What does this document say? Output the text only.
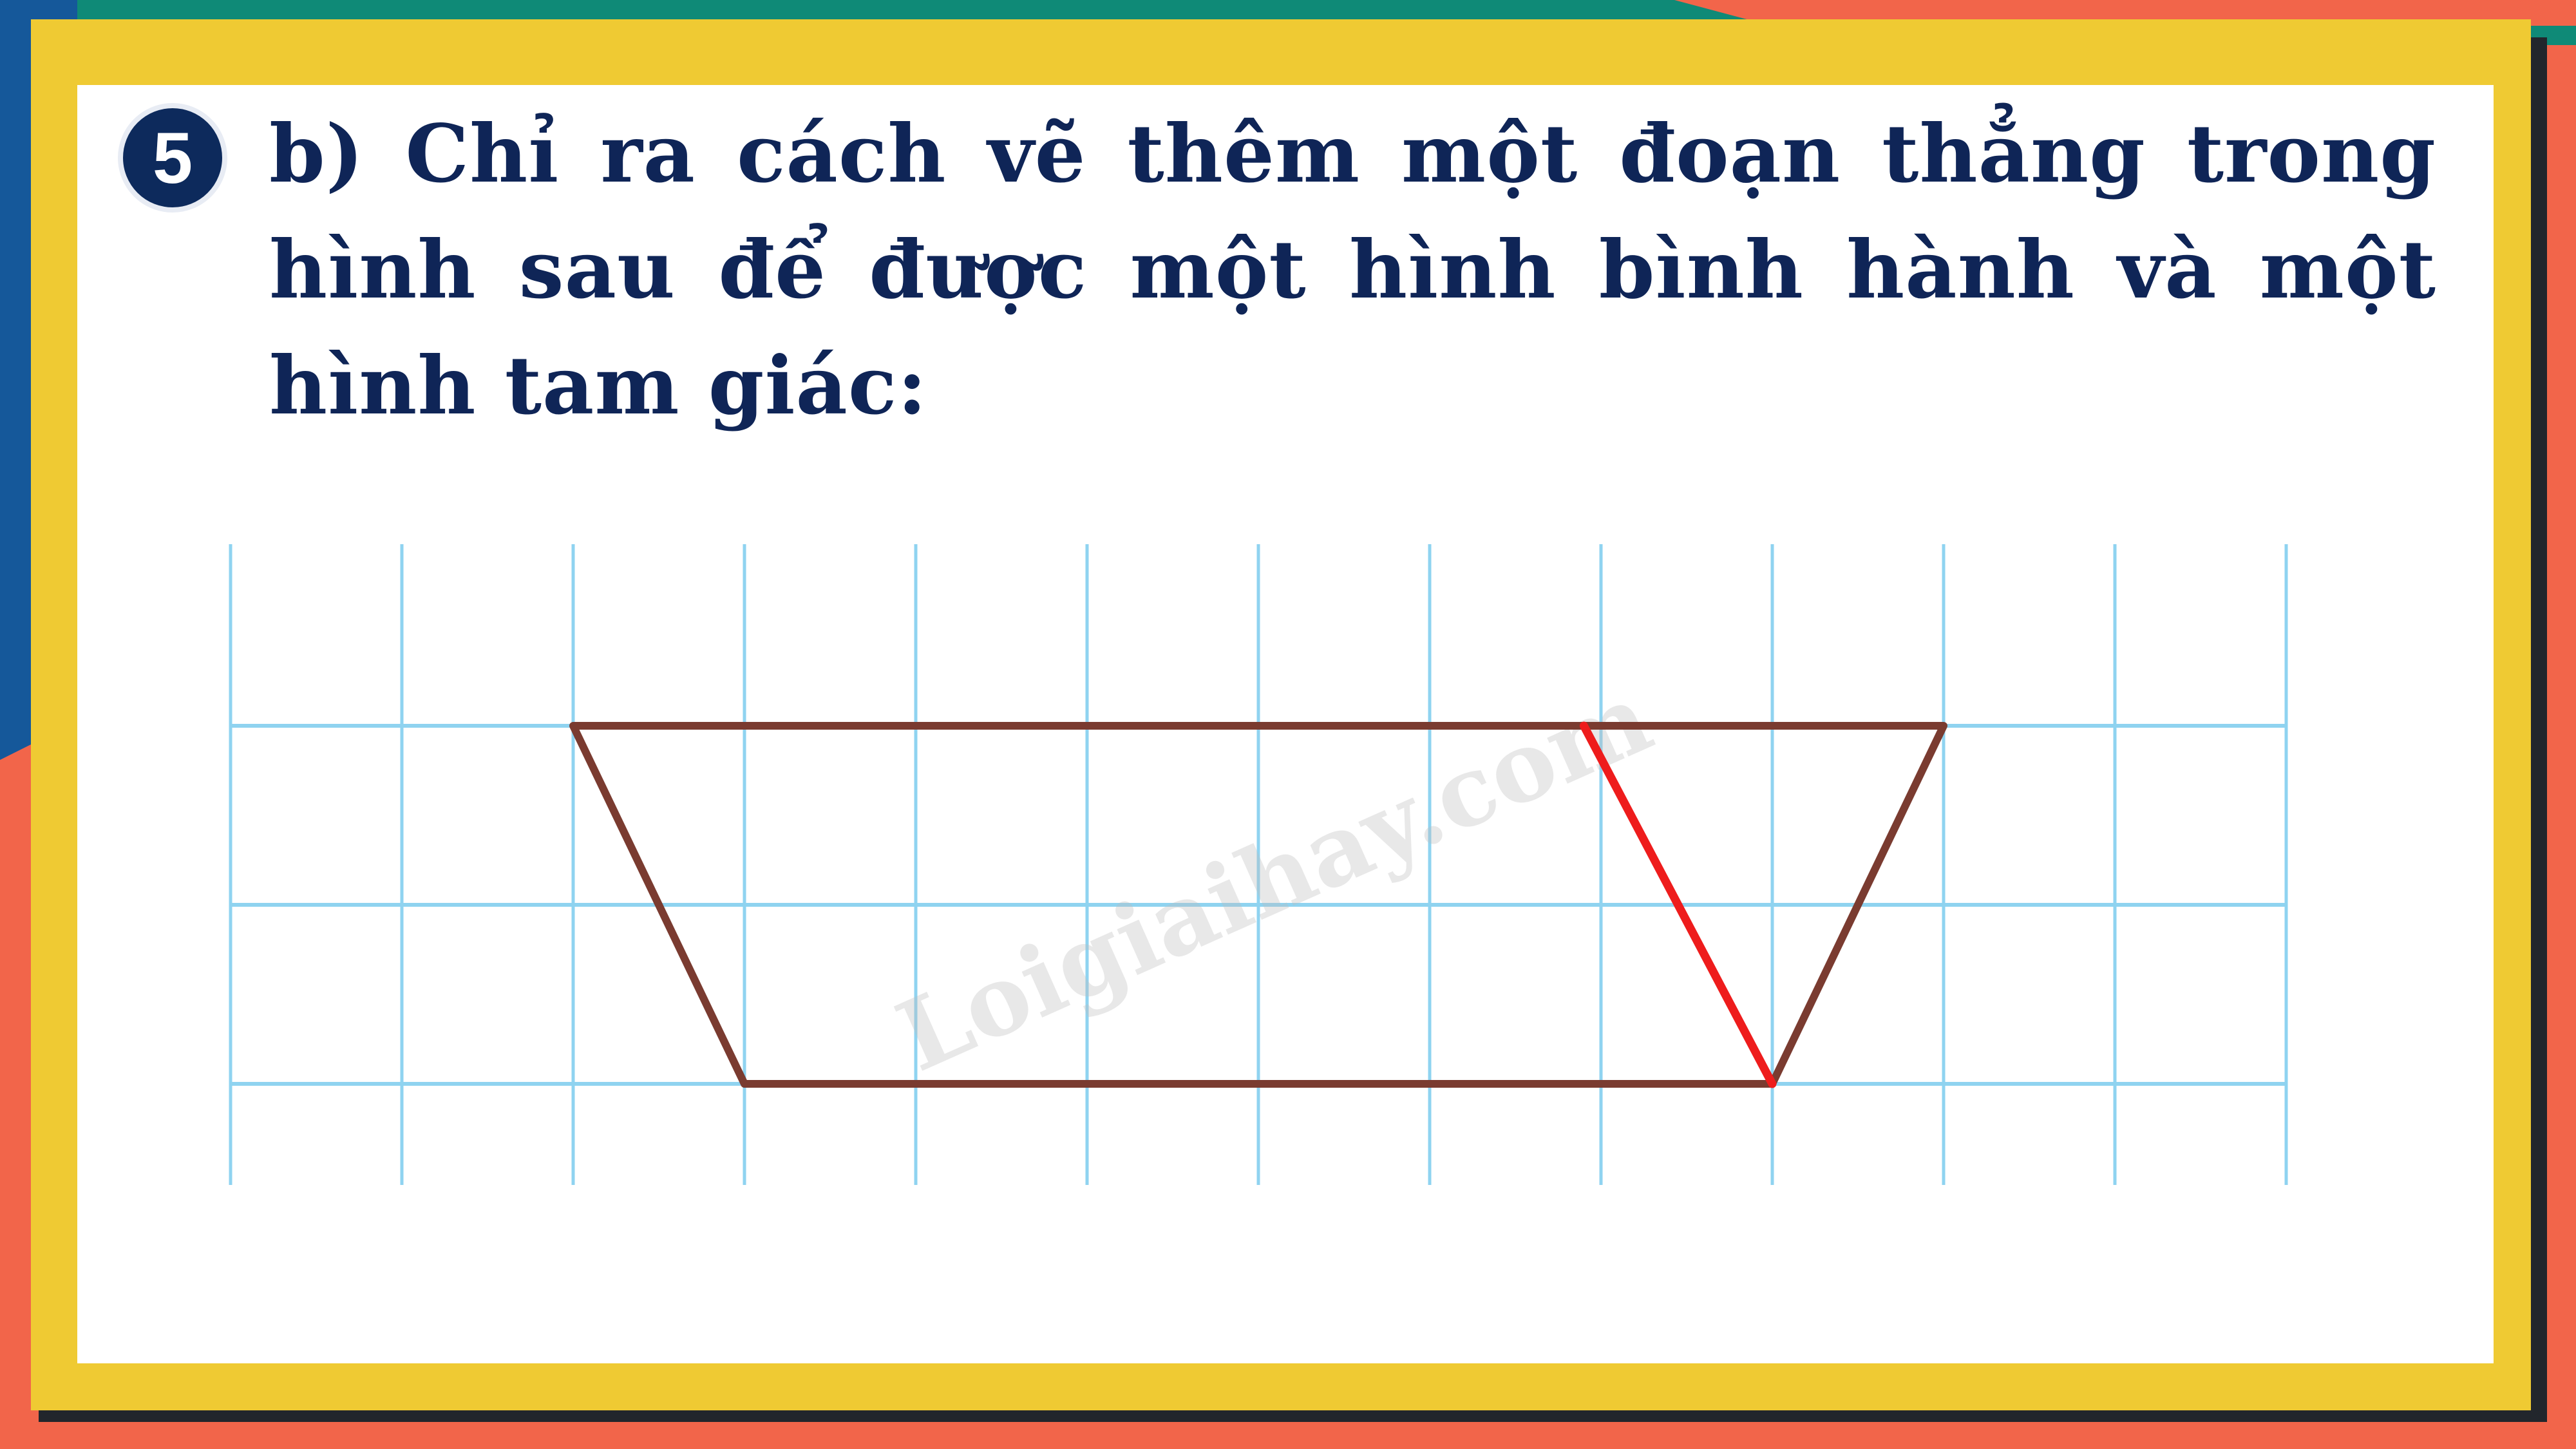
5 b) Chỉ ra cách vẽ thêm một đoạn thẳng trong hình sau để được một hình bình hành và một hình tam giác:
Loigiaihay.com
